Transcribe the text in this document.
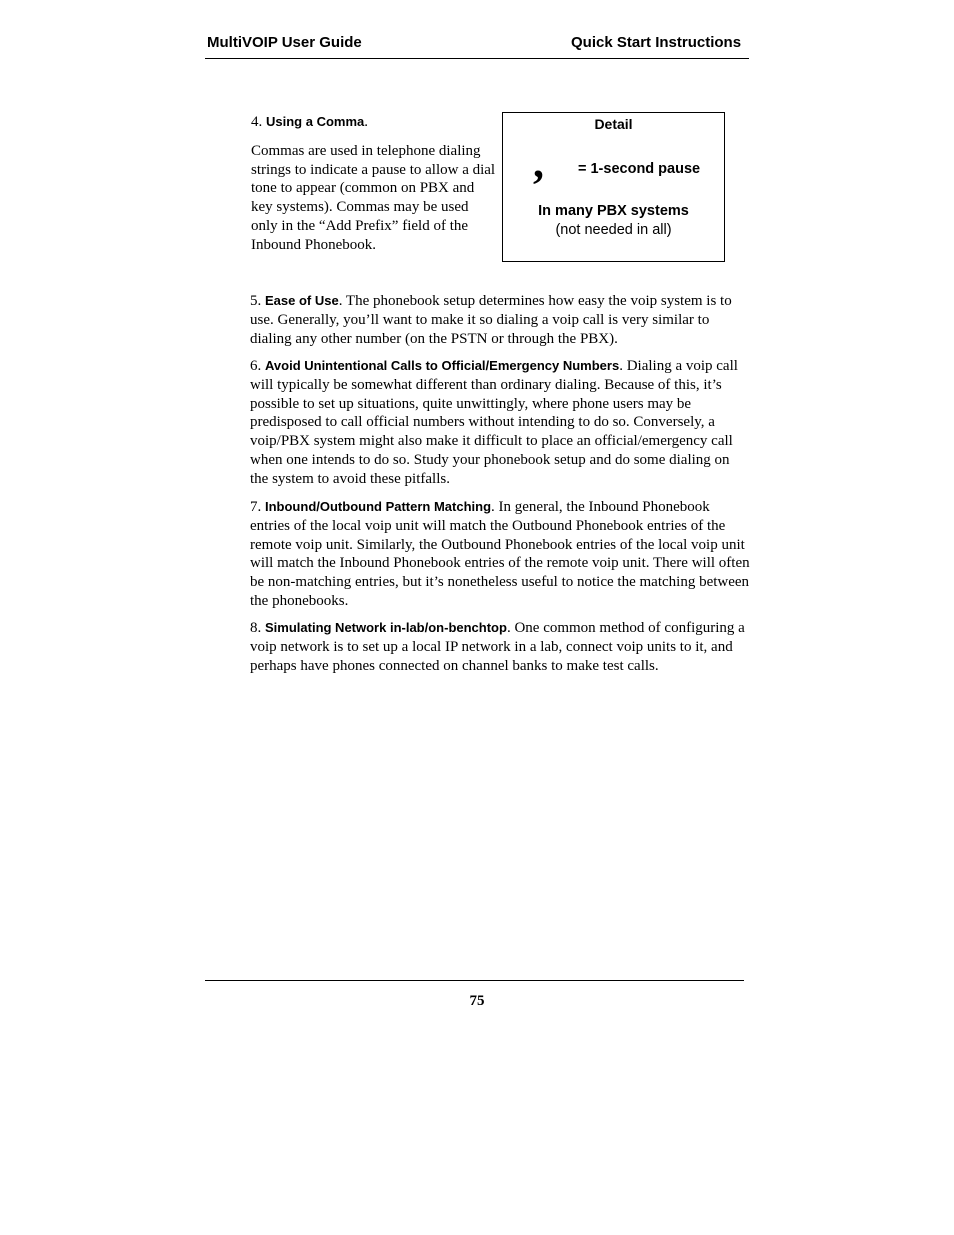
MultiVOIP User Guide	Quick Start Instructions
4. Using a Comma.
Commas are used in telephone dialing strings to indicate a pause to allow a dial tone to appear (common on PBX and key systems). Commas may be used only in the “Add Prefix” field of the Inbound Phonebook.
Detail
, = 1-second pause
In many PBX systems
(not needed in all)
5. Ease of Use. The phonebook setup determines how easy the voip system is to use. Generally, you’ll want to make it so dialing a voip call is very similar to dialing any other number (on the PSTN or through the PBX).
6. Avoid Unintentional Calls to Official/Emergency Numbers. Dialing a voip call will typically be somewhat different than ordinary dialing. Because of this, it’s possible to set up situations, quite unwittingly, where phone users may be predisposed to call official numbers without intending to do so. Conversely, a voip/PBX system might also make it difficult to place an official/emergency call when one intends to do so. Study your phonebook setup and do some dialing on the system to avoid these pitfalls.
7. Inbound/Outbound Pattern Matching. In general, the Inbound Phonebook entries of the local voip unit will match the Outbound Phonebook entries of the remote voip unit. Similarly, the Outbound Phonebook entries of the local voip unit will match the Inbound Phonebook entries of the remote voip unit. There will often be non-matching entries, but it’s nonetheless useful to notice the matching between the phonebooks.
8. Simulating Network in-lab/on-benchtop. One common method of configuring a voip network is to set up a local IP network in a lab, connect voip units to it, and perhaps have phones connected on channel banks to make test calls.
75
